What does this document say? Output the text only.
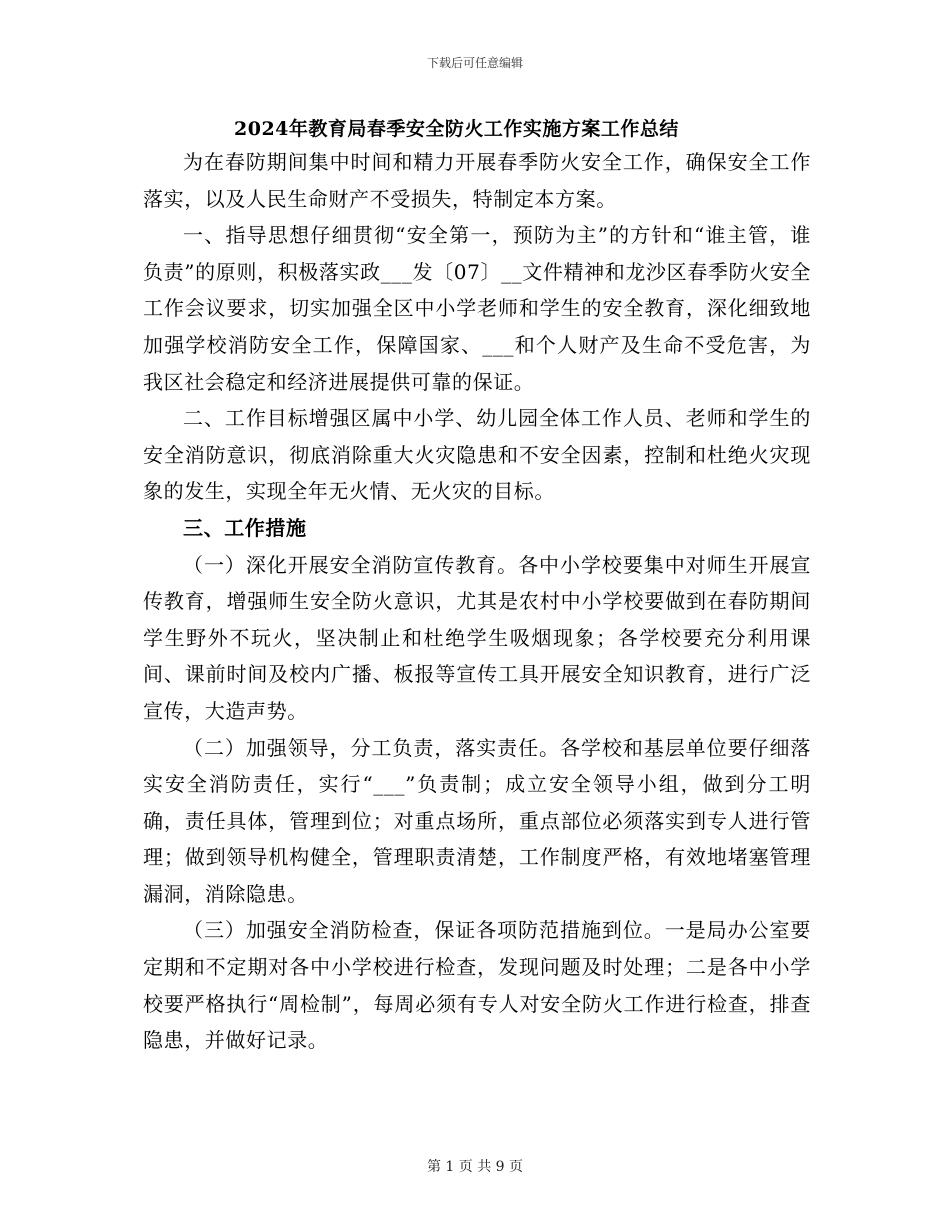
下载后可任意编辑
2024年教育局春季安全防火工作实施方案工作总结

为在春防期间集中时间和精力开展春季防火安全工作，确保安全工作落实，以及人民生命财产不受损失，特制定本方案。

一、指导思想仔细贯彻“安全第一，预防为主”的方针和“谁主管，谁负责”的原则，积极落实政___发〔07〕__文件精神和龙沙区春季防火安全工作会议要求，切实加强全区中小学老师和学生的安全教育，深化细致地加强学校消防安全工作，保障国家、___和个人财产及生命不受危害，为我区社会稳定和经济进展提供可靠的保证。

二、工作目标增强区属中小学、幼儿园全体工作人员、老师和学生的安全消防意识，彻底消除重大火灾隐患和不安全因素，控制和杜绝火灾现象的发生，实现全年无火情、无火灾的目标。

三、工作措施

（一）深化开展安全消防宣传教育。各中小学校要集中对师生开展宣传教育，增强师生安全防火意识，尤其是农村中小学校要做到在春防期间学生野外不玩火，坚决制止和杜绝学生吸烟现象；各学校要充分利用课间、课前时间及校内广播、板报等宣传工具开展安全知识教育，进行广泛宣传，大造声势。

（二）加强领导，分工负责，落实责任。各学校和基层单位要仔细落实安全消防责任，实行“___”负责制；成立安全领导小组，做到分工明确，责任具体，管理到位；对重点场所，重点部位必须落实到专人进行管理；做到领导机构健全，管理职责清楚，工作制度严格，有效地堵塞管理漏洞，消除隐患。

（三）加强安全消防检查，保证各项防范措施到位。一是局办公室要定期和不定期对各中小学校进行检查，发现问题及时处理；二是各中小学校要严格执行“周检制”，每周必须有专人对安全防火工作进行检查，排查隐患，并做好记录。

第 1 页 共 9 页
